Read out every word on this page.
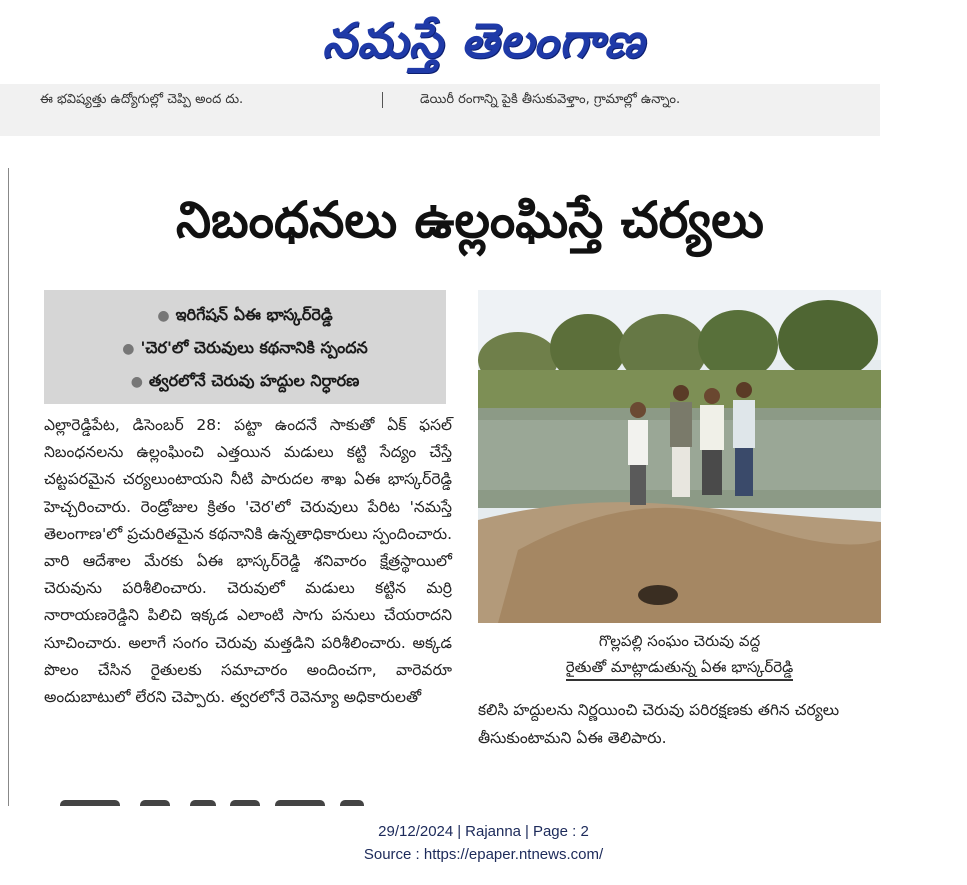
నమస్తే తెలంగాణ
ఈ భవిష్యత్తు ఉద్యోగుల్లో చెప్పి అంద దు.	డెయిరీ రంగాన్ని పైకి తీసుకువెళ్తాం, గ్రామాల్లో ఉన్నాం.
నిబంధనలు ఉల్లంఘిస్తే చర్యలు
● ఇరిగేషన్ ఏఈ భాస్కర్‌రెడ్డి
● 'చెర'లో చెరువులు కథనానికి స్పందన
● త్వరలోనే చెరువు హద్దుల నిర్ధారణ

ఎల్లారెడ్డిపేట, డిసెంబర్ 28: పట్టా ఉందనే సాకుతో ఏక్ ఫసల్ నిబంధనలను ఉల్లంఘించి ఎత్తయిన మడులు కట్టి సేద్యం చేస్తే చట్టపరమైన చర్యలుంటాయని నీటి పారుదల శాఖ ఏఈ భాస్కర్‌రెడ్డి హెచ్చరించారు. రెండ్రోజుల క్రితం 'చెర'లో చెరువులు పేరిట 'నమస్తే తెలంగాణ'లో ప్రచురితమైన కథనానికి ఉన్నతాధికారులు స్పందించారు. వారి ఆదేశాల మేరకు ఏఈ భాస్కర్‌రెడ్డి శనివారం క్షేత్రస్థాయిలో చెరువును పరిశీలించారు. చెరువులో మడులు కట్టిన మర్రి నారాయణరెడ్డిని పిలిచి ఇక్కడ ఎలాంటి సాగు పనులు చేయరాదని సూచించారు. అలాగే సంగం చెరువు మత్తడిని పరిశీలించారు. అక్కడ పొలం చేసిన రైతులకు సమాచారం అందించగా, వారెవరూ అందుబాటులో లేరని చెప్పారు. త్వరలోనే రెవెన్యూ అధికారులతో

గొల్లపల్లి సంఘం చెరువు వద్ద
రైతుతో మాట్లాడుతున్న ఏఈ భాస్కర్‌రెడ్డి

కలిసి హద్దులను నిర్ణయించి చెరువు పరిరక్షణకు తగిన చర్యలు తీసుకుంటామని ఏఈ తెలిపారు.

29/12/2024 | Rajanna | Page : 2
Source : https://epaper.ntnews.com/
